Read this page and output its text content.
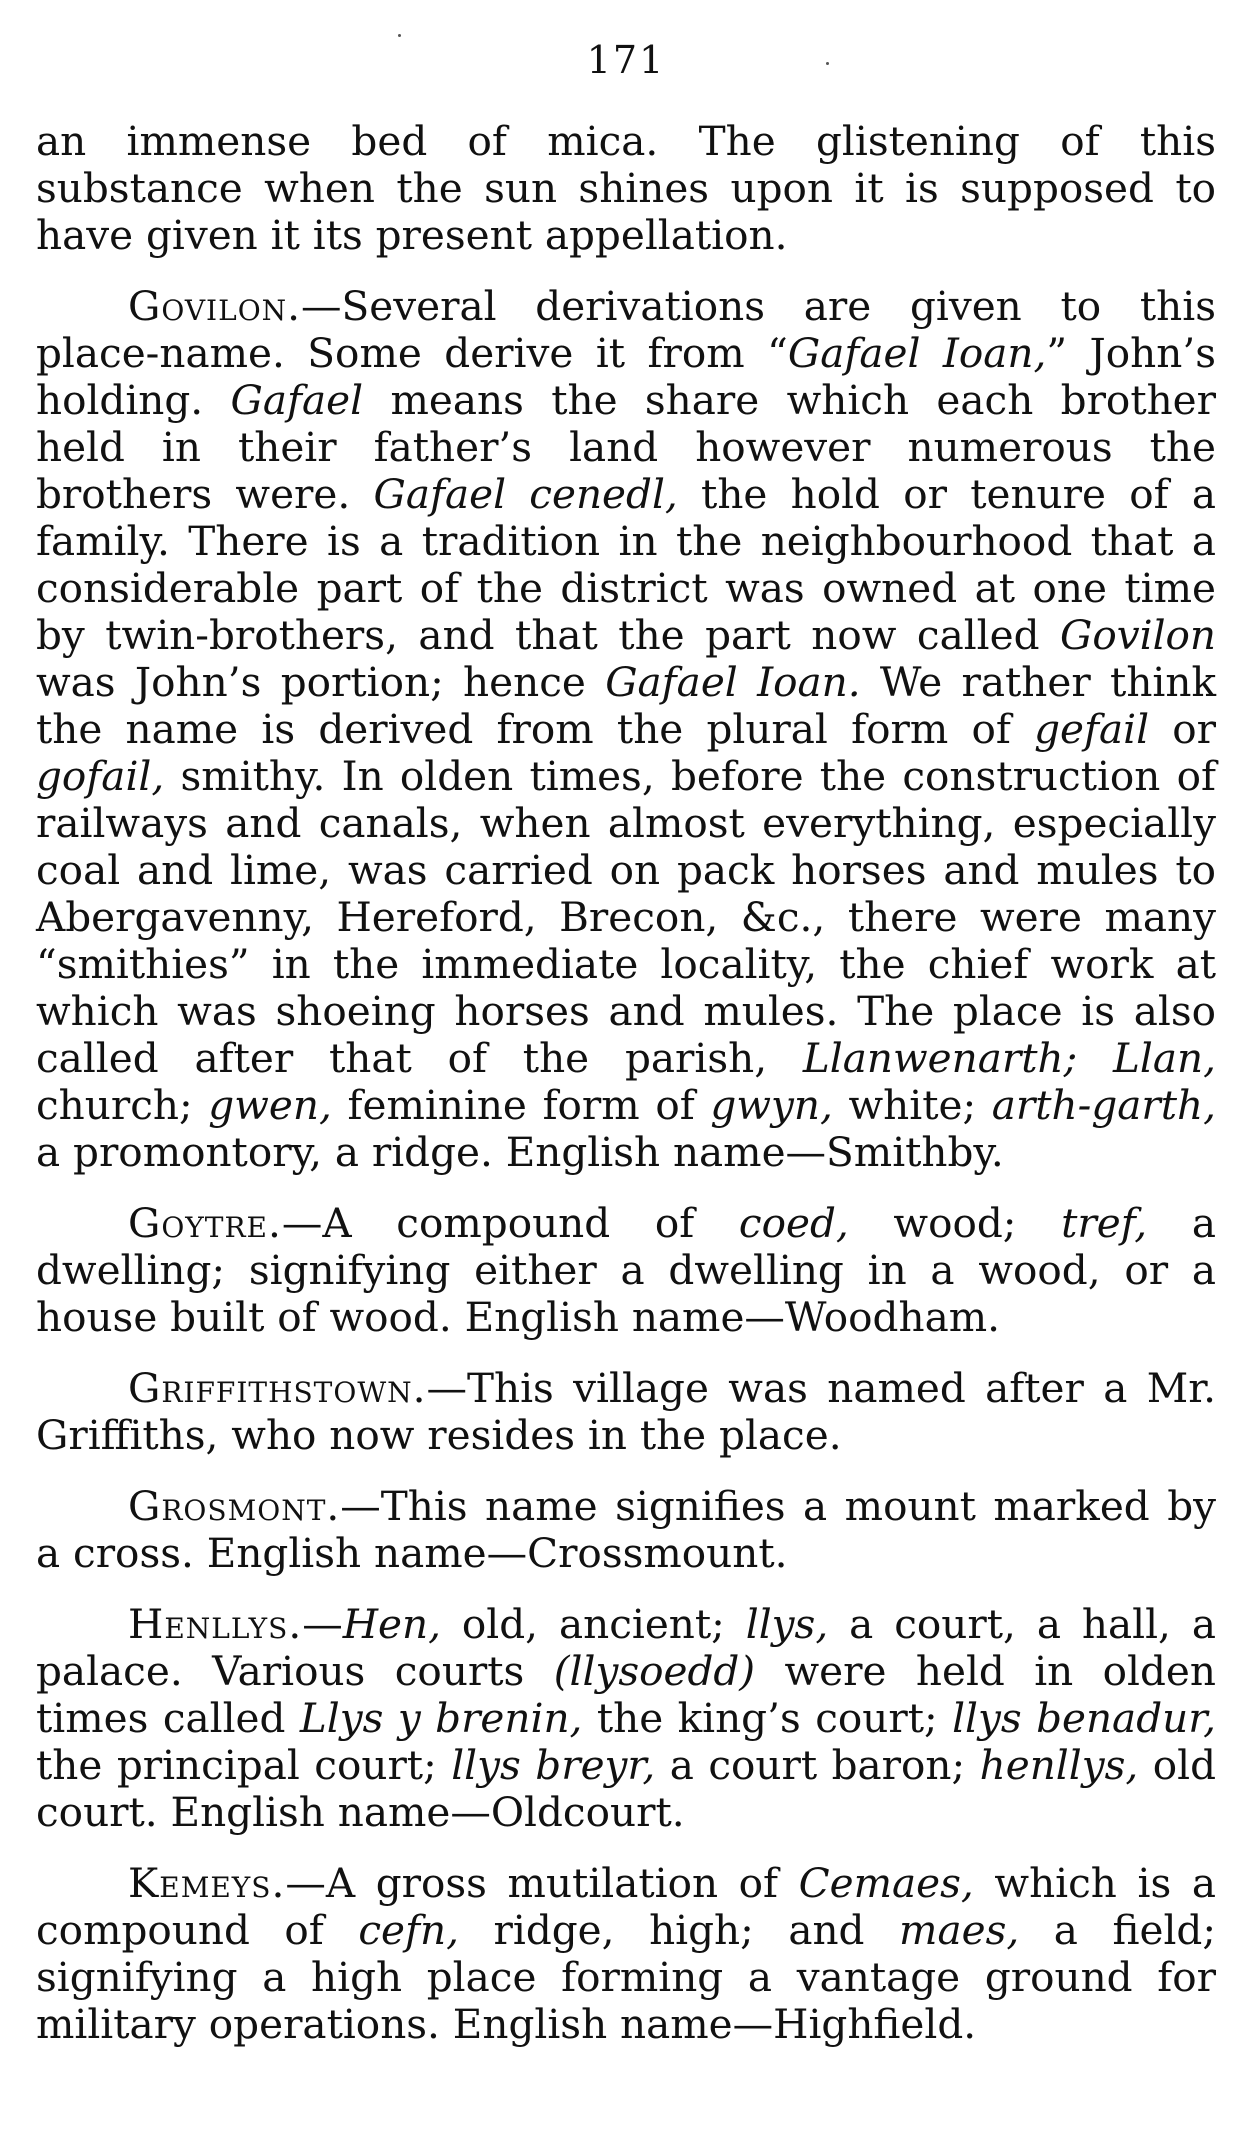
171

an immense bed of mica. The glistening of this substance when the sun shines upon it is supposed to have given it its present appellation.

Govilon.—Several derivations are given to this place-name. Some derive it from “Gafael Ioan,” John’s holding. Gafael means the share which each brother held in their father’s land however numerous the brothers were. Gafael cenedl, the hold or tenure of a family. There is a tradition in the neighbourhood that a considerable part of the district was owned at one time by twin-brothers, and that the part now called Govilon was John’s portion; hence Gafael Ioan. We rather think the name is derived from the plural form of gefail or gofail, smithy. In olden times, before the construction of railways and canals, when almost everything, especially coal and lime, was carried on pack horses and mules to Abergavenny, Hereford, Brecon, &c., there were many “smithies” in the immediate locality, the chief work at which was shoeing horses and mules. The place is also called after that of the parish, Llanwenarth; Llan, church; gwen, feminine form of gwyn, white; arth-garth, a promontory, a ridge. English name—Smithby.

Goytre.—A compound of coed, wood; tref, a dwelling; signifying either a dwelling in a wood, or a house built of wood. English name—Woodham.

Griffithstown.—This village was named after a Mr. Griffiths, who now resides in the place.

Grosmont.—This name signifies a mount marked by a cross. English name—Crossmount.

Henllys.—Hen, old, ancient; llys, a court, a hall, a palace. Various courts (llysoedd) were held in olden times called Llys y brenin, the king’s court; llys benadur, the principal court; llys breyr, a court baron; henllys, old court. English name—Oldcourt.

Kemeys.—A gross mutilation of Cemaes, which is a compound of cefn, ridge, high; and maes, a field; signifying a high place forming a vantage ground for military operations. English name—Highfield.
